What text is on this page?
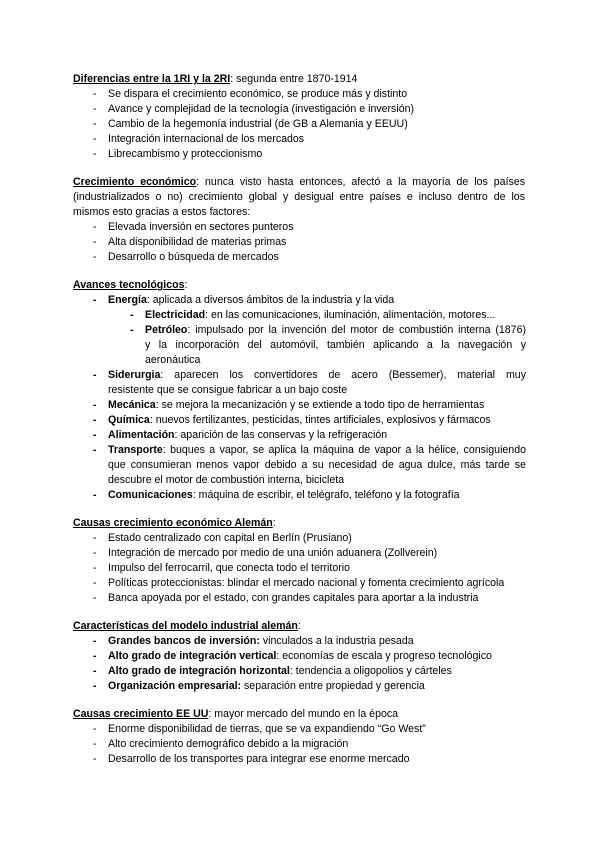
Diferencias entre la 1RI y la 2RI: segunda entre 1870-1914
- Se dispara el crecimiento económico, se produce más y distinto
- Avance y complejidad de la tecnología (investigación e inversión)
- Cambio de la hegemonía industrial (de GB a Alemania y EEUU)
- Integración internacional de los mercados
- Librecambismo y proteccionismo
Crecimiento económico: nunca visto hasta entonces, afectó a la mayoría de los países
(industrializados o no) crecimiento global y desigual entre países e incluso dentro de los
mismos esto gracias a estos factores:
- Elevada inversión en sectores punteros
- Alta disponibilidad de materias primas
- Desarrollo o búsqueda de mercados
Avances tecnológicos:
- Energía: aplicada a diversos ámbitos de la industria y la vida
- Electricidad: en las comunicaciones, iluminación, alimentación, motores...
- Petróleo: impulsado por la invención del motor de combustión interna (1876)
y la incorporación del automóvil, también aplicando a la navegación y
aeronáutica
- Siderurgia: aparecen los convertidores de acero (Bessemer), material muy
resistente que se consigue fabricar a un bajo coste
- Mecánica: se mejora la mecanización y se extiende a todo tipo de herramientas
- Química: nuevos fertilizantes, pesticidas, tintes artificiales, explosivos y fármacos
- Alimentación: aparición de las conservas y la refrigeración
- Transporte: buques a vapor, se aplica la máquina de vapor a la hélice, consiguiendo
que consumieran menos vapor debido a su necesidad de agua dulce, más tarde se
descubre el motor de combustión interna, bicicleta
- Comunicaciones: máquina de escribir, el telégrafo, teléfono y la fotografía
Causas crecimiento económico Alemán:
- Estado centralizado con capital en Berlín (Prusiano)
- Integración de mercado por medio de una unión aduanera (Zollverein)
- Impulso del ferrocarril, que conecta todo el territorio
- Políticas proteccionistas: blindar el mercado nacional y fomenta crecimiento agrícola
- Banca apoyada por el estado, con grandes capitales para aportar a la industria
Características del modelo industrial alemán:
- Grandes bancos de inversión: vinculados a la industria pesada
- Alto grado de integración vertical: economías de escala y progreso tecnológico
- Alto grado de integración horizontal: tendencia a oligopolios y cárteles
- Organización empresarial: separación entre propiedad y gerencia
Causas crecimiento EE UU: mayor mercado del mundo en la época
- Enorme disponibilidad de tierras, que se va expandiendo “Go West”
- Alto crecimiento demográfico debido a la migración
- Desarrollo de los transportes para integrar ese enorme mercado
